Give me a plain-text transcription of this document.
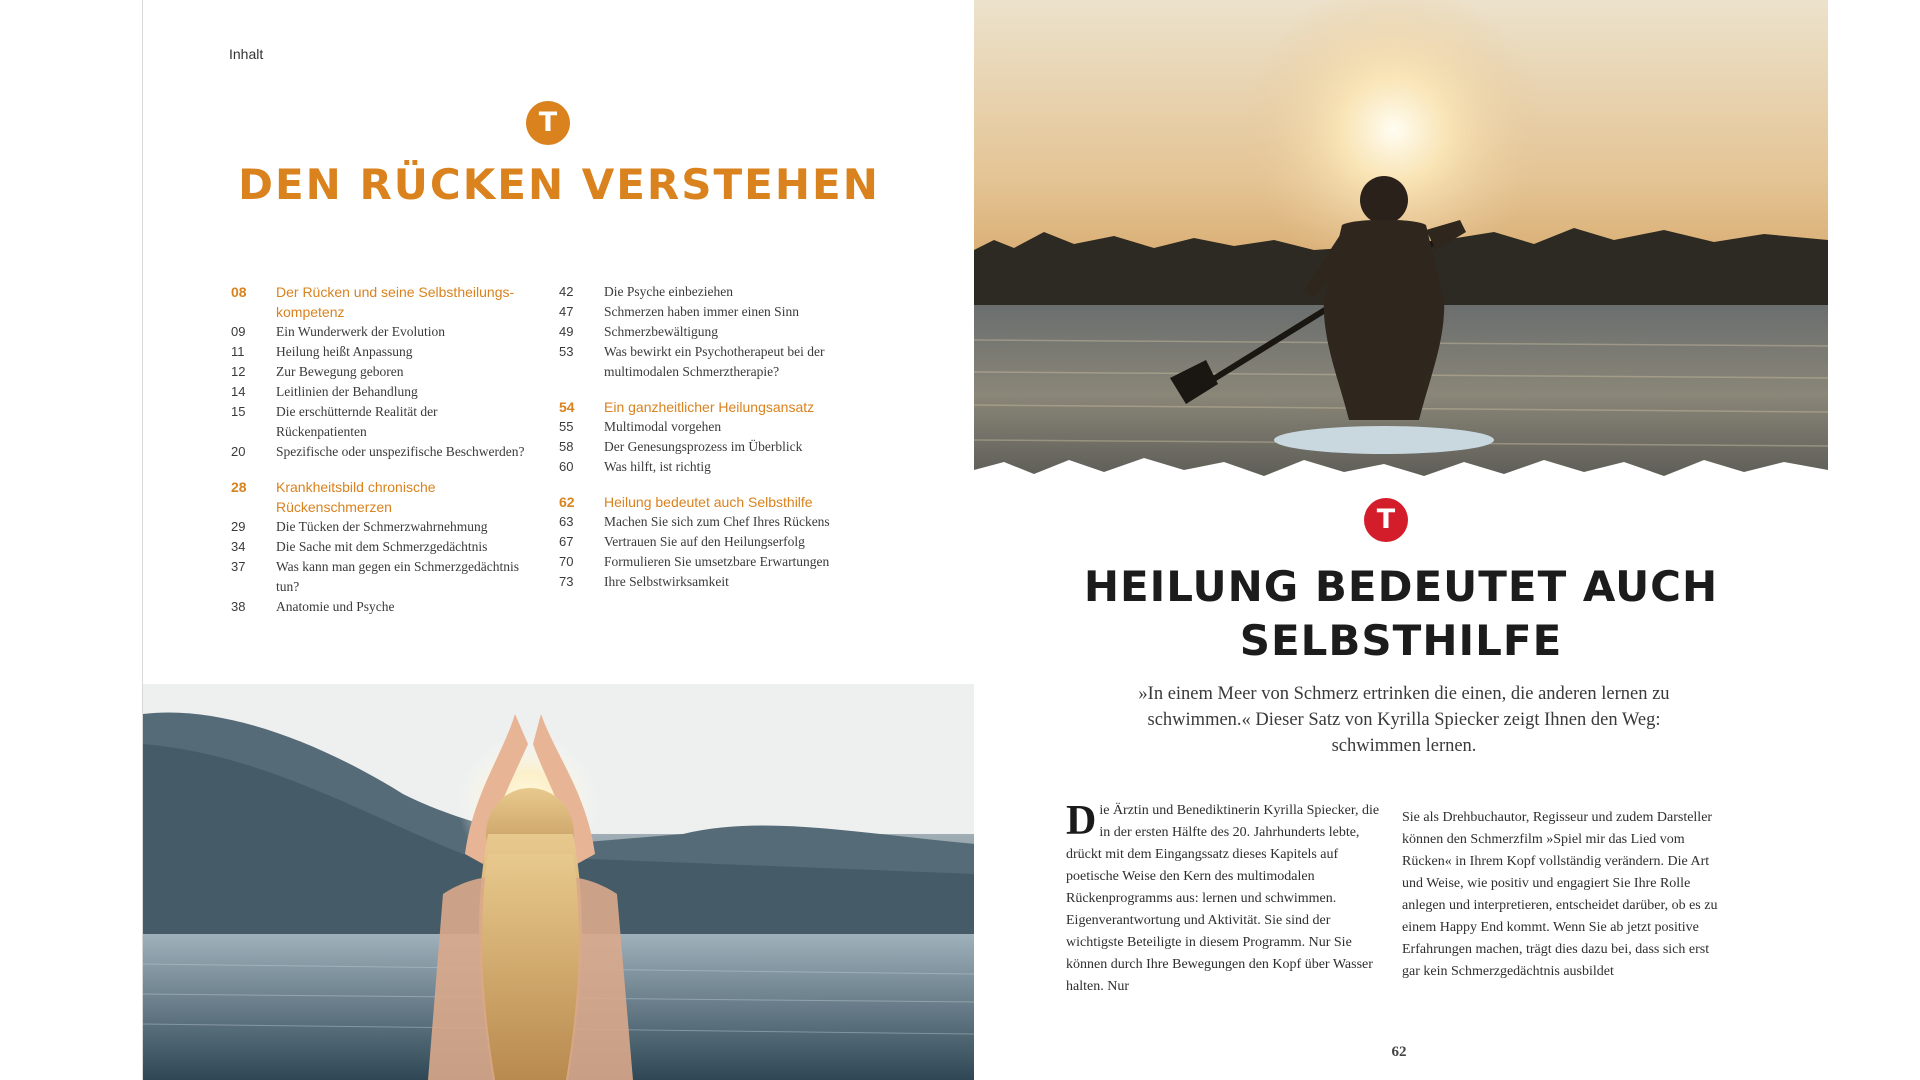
Inhalt
T
DEN RÜCKEN VERSTEHEN
08	Der Rücken und seine Selbstheilungs-kompetenz
09	Ein Wunderwerk der Evolution
11	Heilung heißt Anpassung
12	Zur Bewegung geboren
14	Leitlinien der Behandlung
15	Die erschütternde Realität der Rückenpatienten
20	Spezifische oder unspezifische Beschwerden?
28	Krankheitsbild chronische Rückenschmerzen
29	Die Tücken der Schmerzwahrnehmung
34	Die Sache mit dem Schmerzgedächtnis
37	Was kann man gegen ein Schmerzgedächtnis tun?
38	Anatomie und Psyche
42	Die Psyche einbeziehen
47	Schmerzen haben immer einen Sinn
49	Schmerzbewältigung
53	Was bewirkt ein Psychotherapeut bei der multimodalen Schmerztherapie?
54	Ein ganzheitlicher Heilungsansatz
55	Multimodal vorgehen
58	Der Genesungsprozess im Überblick
60	Was hilft, ist richtig
62	Heilung bedeutet auch Selbsthilfe
63	Machen Sie sich zum Chef Ihres Rückens
67	Vertrauen Sie auf den Heilungserfolg
70	Formulieren Sie umsetzbare Erwartungen
73	Ihre Selbstwirksamkeit
T
HEILUNG BEDEUTET AUCH
SELBSTHILFE
»In einem Meer von Schmerz ertrinken die einen, die anderen lernen zu schwimmen.« Dieser Satz von Kyrilla Spiecker zeigt Ihnen den Weg: schwimmen lernen.
Die Ärztin und Benediktinerin Kyrilla Spiecker, die in der ersten Hälfte des 20. Jahrhunderts lebte, drückt mit dem Eingangssatz dieses Kapitels auf poetische Weise den Kern des multimodalen Rückenprogramms aus: lernen und schwimmen. Eigenverantwortung und Aktivität. Sie sind der wichtigste Beteiligte in diesem Programm. Nur Sie können durch Ihre Bewegungen den Kopf über Wasser halten. Nur
Sie als Drehbuchautor, Regisseur und zudem Darsteller können den Schmerzfilm »Spiel mir das Lied vom Rücken« in Ihrem Kopf vollständig verändern. Die Art und Weise, wie positiv und engagiert Sie Ihre Rolle anlegen und interpretieren, entscheidet darüber, ob es zu einem Happy End kommt. Wenn Sie ab jetzt positive Erfahrungen machen, trägt dies dazu bei, dass sich erst gar kein Schmerzgedächtnis ausbildet
62
